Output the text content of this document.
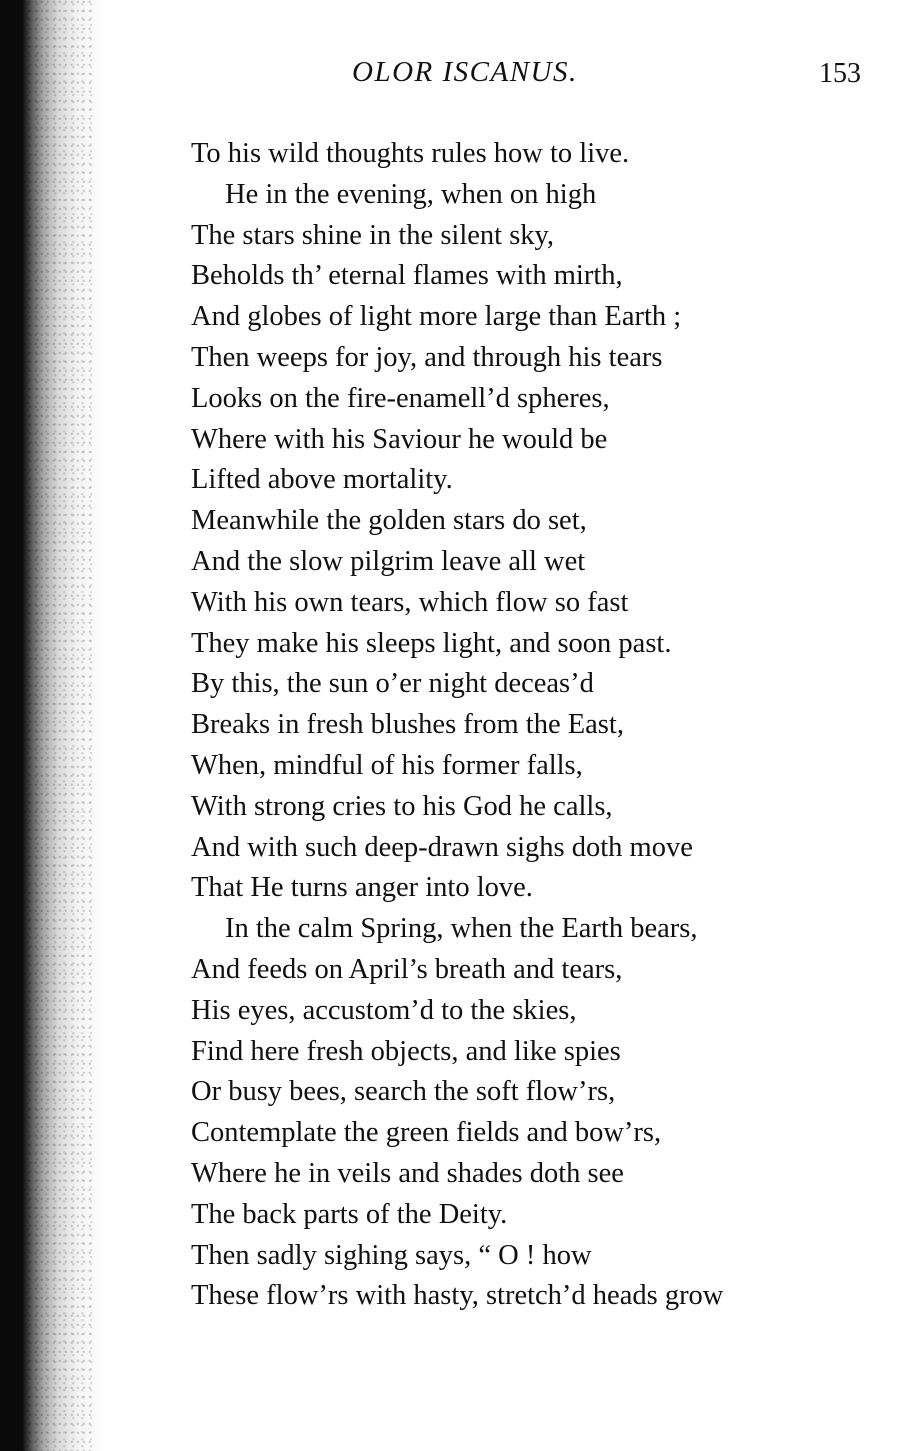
OLOR ISCANUS.	153
To his wild thoughts rules how to live.
He in the evening, when on high
The stars shine in the silent sky,
Beholds th’ eternal flames with mirth,
And globes of light more large than Earth ;
Then weeps for joy, and through his tears
Looks on the fire-enamell’d spheres,
Where with his Saviour he would be
Lifted above mortality.
Meanwhile the golden stars do set,
And the slow pilgrim leave all wet
With his own tears, which flow so fast
They make his sleeps light, and soon past.
By this, the sun o’er night deceas’d
Breaks in fresh blushes from the East,
When, mindful of his former falls,
With strong cries to his God he calls,
And with such deep-drawn sighs doth move
That He turns anger into love.
In the calm Spring, when the Earth bears,
And feeds on April’s breath and tears,
His eyes, accustom’d to the skies,
Find here fresh objects, and like spies
Or busy bees, search the soft flow’rs,
Contemplate the green fields and bow’rs,
Where he in veils and shades doth see
The back parts of the Deity.
Then sadly sighing says, “ O ! how
These flow’rs with hasty, stretch’d heads grow
